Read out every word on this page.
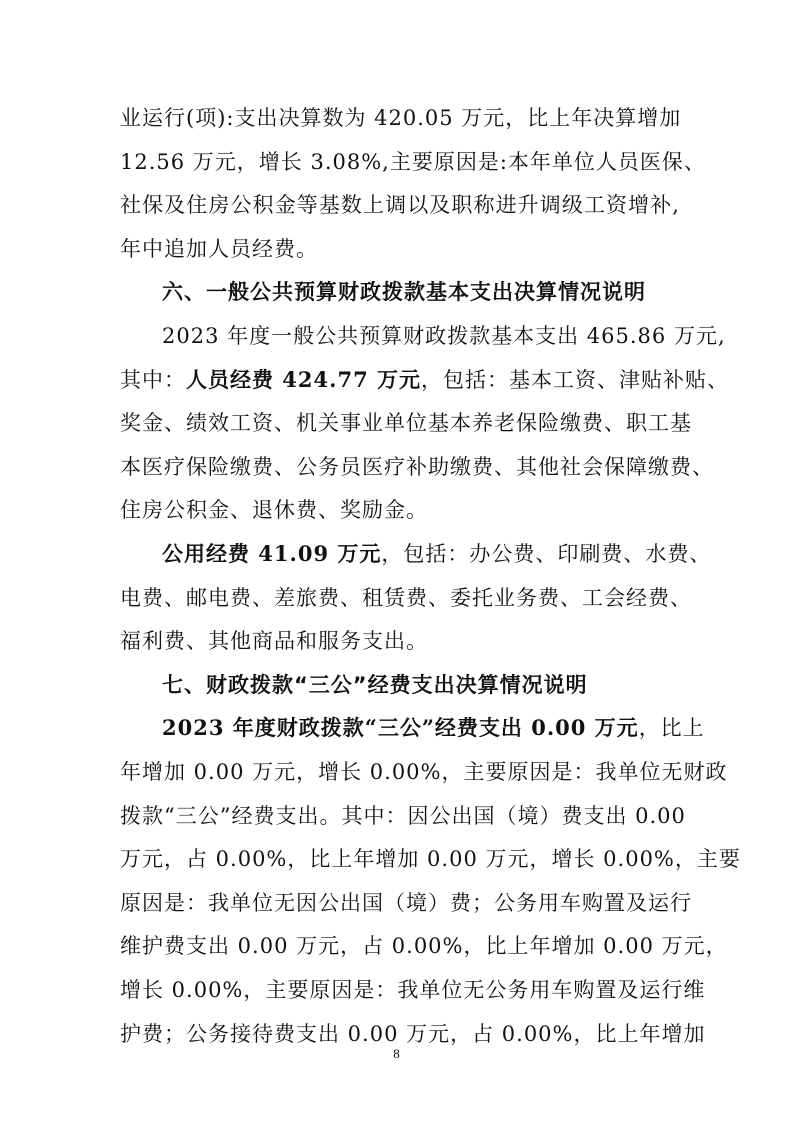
业运行(项):支出决算数为 420.05 万元，比上年决算增加
12.56 万元，增长 3.08%,主要原因是:本年单位人员医保、
社保及住房公积金等基数上调以及职称进升调级工资增补,
年中追加人员经费。
六、一般公共预算财政拨款基本支出决算情况说明
2023 年度一般公共预算财政拨款基本支出 465.86 万元,
其中：人员经费 424.77 万元，包括：基本工资、津贴补贴、
奖金、绩效工资、机关事业单位基本养老保险缴费、职工基
本医疗保险缴费、公务员医疗补助缴费、其他社会保障缴费、
住房公积金、退休费、奖励金。
公用经费 41.09 万元，包括：办公费、印刷费、水费、
电费、邮电费、差旅费、租赁费、委托业务费、工会经费、
福利费、其他商品和服务支出。
七、财政拨款“三公”经费支出决算情况说明
2023 年度财政拨款“三公”经费支出 0.00 万元，比上
年增加 0.00 万元，增长 0.00%，主要原因是：我单位无财政
拨款“三公”经费支出。其中：因公出国（境）费支出 0.00
万元，占 0.00%，比上年增加 0.00 万元，增长 0.00%，主要
原因是：我单位无因公出国（境）费；公务用车购置及运行
维护费支出 0.00 万元，占 0.00%，比上年增加 0.00 万元，
增长 0.00%，主要原因是：我单位无公务用车购置及运行维
8
护费；公务接待费支出 0.00 万元，占 0.00%，比上年增加
